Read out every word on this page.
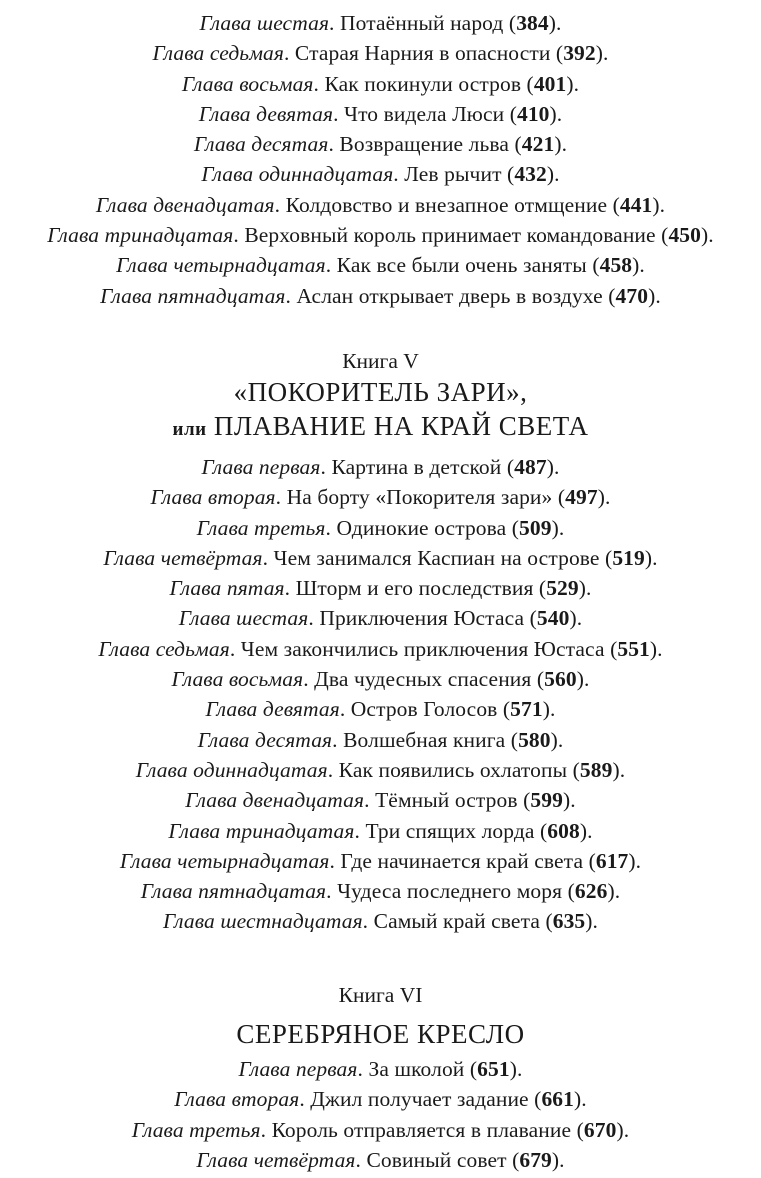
Глава шестая. Потаённый народ (384).
Глава седьмая. Старая Нарния в опасности (392).
Глава восьмая. Как покинули остров (401).
Глава девятая. Что видела Люси (410).
Глава десятая. Возвращение льва (421).
Глава одиннадцатая. Лев рычит (432).
Глава двенадцатая. Колдовство и внезапное отмщение (441).
Глава тринадцатая. Верховный король принимает командование (450).
Глава четырнадцатая. Как все были очень заняты (458).
Глава пятнадцатая. Аслан открывает дверь в воздухе (470).
Книга V
«ПОКОРИТЕЛЬ ЗАРИ»,
или ПЛАВАНИЕ НА КРАЙ СВЕТА
Глава первая. Картина в детской (487).
Глава вторая. На борту «Покорителя зари» (497).
Глава третья. Одинокие острова (509).
Глава четвёртая. Чем занимался Каспиан на острове (519).
Глава пятая. Шторм и его последствия (529).
Глава шестая. Приключения Юстаса (540).
Глава седьмая. Чем закончились приключения Юстаса (551).
Глава восьмая. Два чудесных спасения (560).
Глава девятая. Остров Голосов (571).
Глава десятая. Волшебная книга (580).
Глава одиннадцатая. Как появились охлатопы (589).
Глава двенадцатая. Тёмный остров (599).
Глава тринадцатая. Три спящих лорда (608).
Глава четырнадцатая. Где начинается край света (617).
Глава пятнадцатая. Чудеса последнего моря (626).
Глава шестнадцатая. Самый край света (635).
Книга VI
СЕРЕБРЯНОЕ КРЕСЛО
Глава первая. За школой (651).
Глава вторая. Джил получает задание (661).
Глава третья. Король отправляется в плавание (670).
Глава четвёртая. Совиный совет (679).
